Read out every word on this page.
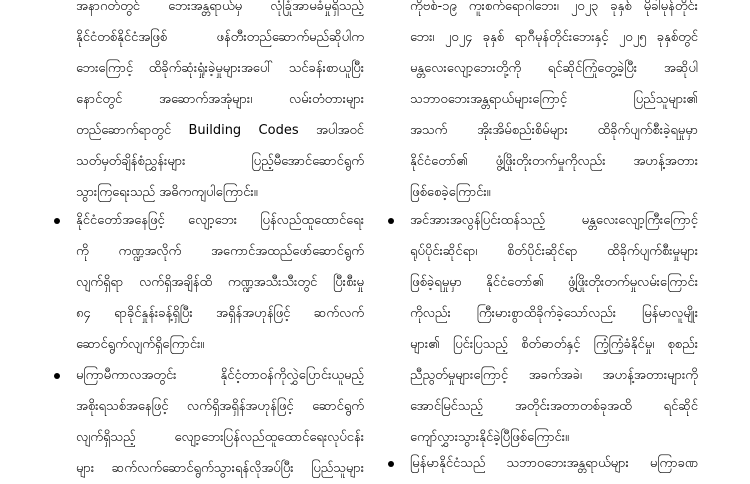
အနာဂတ်တွင် ဘေးအန္တရာယ်မှ လုံခြုံအာမခံမှုရှိသည့်
နိုင်ငံတစ်နိုင်ငံအဖြစ် ဖန်တီးတည်ဆောက်မည်ဆိုပါက
ဘေးကြောင့် ထိခိုက်ဆုံးရှုံးခဲ့မှုများအပေါ် သင်ခန်းစာယူပြီး
နောင်တွင် အဆောက်အအုံများ၊ လမ်းတံတားများ
တည်ဆောက်ရာတွင် Building Codes အပါအဝင်
သတ်မှတ်ချိန်စံညွှန်းများ ပြည့်မီအောင်ဆောင်ရွက်
သွားကြရေးသည် အဓိကကျပါကြောင်း။
နိုင်ငံတော်အနေဖြင့် လျော့ဘေး ပြန်လည်ထူထောင်ရေး
ကို ကဏ္ဍအလိုက် အကောင်အထည်ဖော်ဆောင်ရွက်
လျက်ရှိရာ လက်ရှိအချိန်ထိ ကဏ္ဍအသီးသီးတွင် ပြီးစီးမှု
၈၄ ရာခိုင်နှုန်းခန့်ရှိပြီး အရှိန်အဟုန်ဖြင့် ဆက်လက်
ဆောင်ရွက်လျက်ရှိကြောင်း။
မကြာမီကာလအတွင်း နိုင်ငံ့တာဝန်ကိုလွှဲပြောင်းယူမည့်
အစိုးရသစ်အနေဖြင့် လက်ရှိအရှိန်အဟုန်ဖြင့် ဆောင်ရွက်
လျက်ရှိသည့် လျော့ဘေးပြန်လည်ထူထောင်ရေးလုပ်ငန်း
များ ဆက်လက်ဆောင်ရွက်သွားရန်လိုအပ်ပြီး ပြည်သူများ
ကိုဗစ်-၁၉ ကူးစက်ရောဂါဘေး၊ ၂၀၂၃ ခုနှစ် မိုခါမုန်တိုင်း
ဘေး၊ ၂၀၂၄ ခုနှစ် ရာဂီမုန်တိုင်းဘေးနှင့် ၂၀၂၅ ခုနှစ်တွင်
မန္တလေးလျော့ဘေးတို့ကို ရင်ဆိုင်ကြုံတွေ့ခဲ့ပြီး အဆိုပါ
သဘာဝဘေးအန္တရာယ်များကြောင့် ပြည်သူများ၏
အသက် အိုးအိမ်စည်းစိမ်များ ထိခိုက်ပျက်စီးခဲ့ရမှုမှာ
နိုင်ငံတော်၏ ဖွံ့ဖြိုးတိုးတက်မှုကိုလည်း အဟန့်အတား
ဖြစ်စေခဲ့ကြောင်း။
အင်အားအလွန်ပြင်းထန်သည့် မန္တလေးလျော့ကြီးကြောင့်
ရုပ်ပိုင်းဆိုင်ရာ၊ စိတ်ပိုင်းဆိုင်ရာ ထိခိုက်ပျက်စီးမှုများ
ဖြစ်ခဲ့ရမှုမှာ နိုင်ငံတော်၏ ဖွံ့ဖြိုးတိုးတက်မှုလမ်းကြောင်း
ကိုလည်း ကြီးမားစွာထိခိုက်ခဲ့သော်လည်း မြန်မာလူမျိုး
များ၏ ပြင်းပြသည့် စိတ်ဓာတ်နှင့် ကြံ့ကြံ့ခံနိုင်မှု၊ စုစည်း
ညီညွတ်မှုများကြောင့် အခက်အခဲ၊ အဟန့်အတားများကို
အောင်မြင်သည့် အတိုင်းအတာတစ်ခုအထိ ရင်ဆိုင်
ကျော်လွှားသွားနိုင်ခဲ့ပြီဖြစ်ကြောင်း။
မြန်မာနိုင်ငံသည် သဘာဝဘေးအန္တရာယ်များ မကြာခဏ
